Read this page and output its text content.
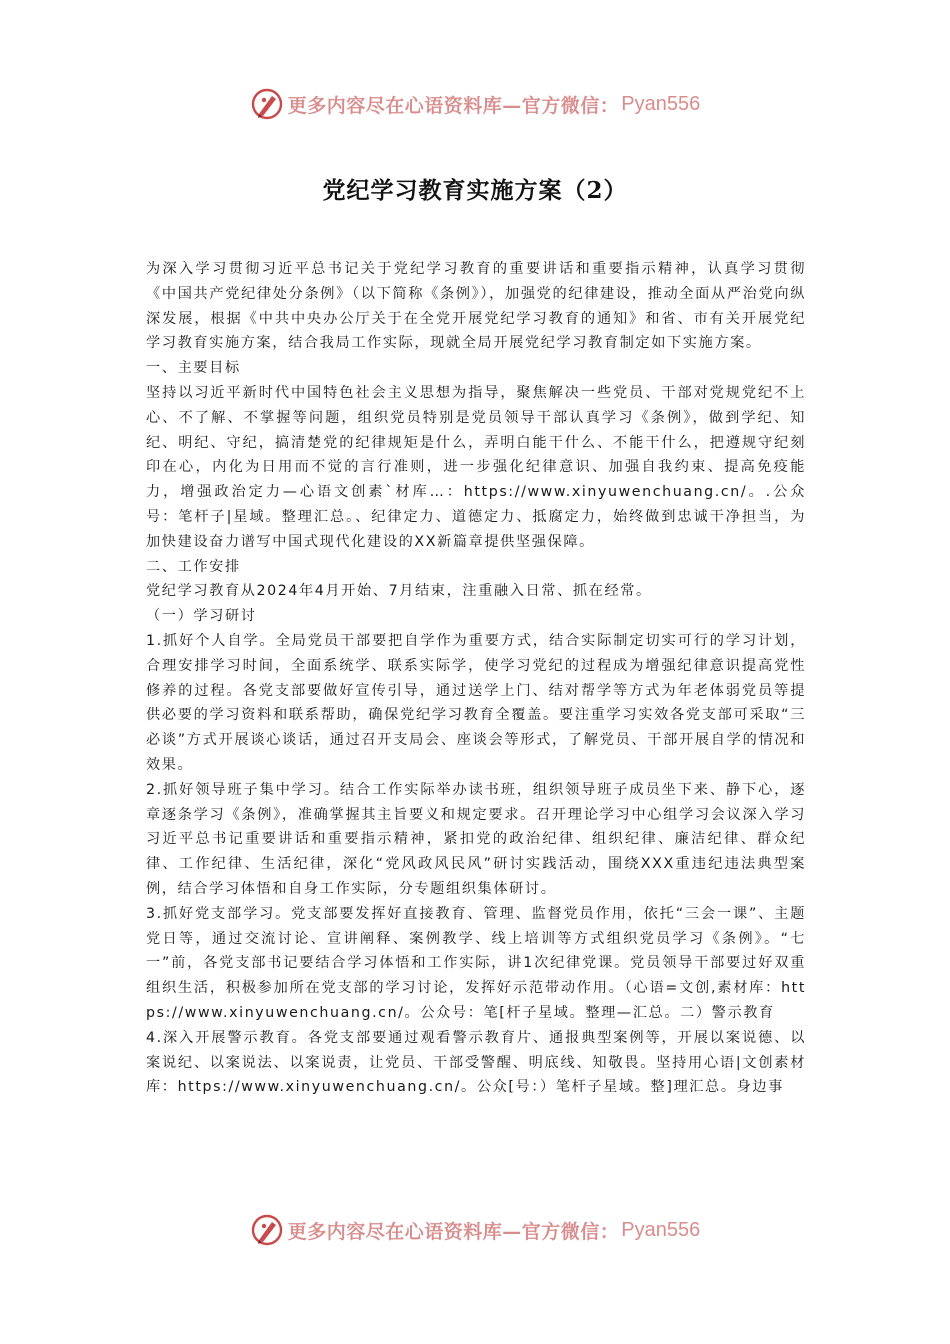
更多内容尽在心语资料库—官方微信： Pyan556
党纪学习教育实施方案（2）

为深入学习贯彻习近平总书记关于党纪学习教育的重要讲话和重要指示精神，认真学习贯彻《中国共产党纪律处分条例》（以下简称《条例》），加强党的纪律建设，推动全面从严治党向纵深发展，根据《中共中央办公厅关于在全党开展党纪学习教育的通知》和省、市有关开展党纪学习教育实施方案，结合我局工作实际，现就全局开展党纪学习教育制定如下实施方案。

一、主要目标

坚持以习近平新时代中国特色社会主义思想为指导，聚焦解决一些党员、干部对党规党纪不上心、不了解、不掌握等问题，组织党员特别是党员领导干部认真学习《条例》，做到学纪、知纪、明纪、守纪，搞清楚党的纪律规矩是什么，弄明白能干什么、不能干什么，把遵规守纪刻印在心，内化为日用而不觉的言行准则，进一步强化纪律意识、加强自我约束、提高免疫能力，增强政治定力—心语文创素`材库…：https://www.xinyuwenchuang.cn/。.公众号：笔杆子|星域。整理汇总。、纪律定力、道德定力、抵腐定力，始终做到忠诚干净担当，为加快建设奋力谱写中国式现代化建设的XX新篇章提供坚强保障。

二、工作安排

党纪学习教育从2024年4月开始、7月结束，注重融入日常、抓在经常。

（一）学习研讨

1.抓好个人自学。全局党员干部要把自学作为重要方式，结合实际制定切实可行的学习计划，合理安排学习时间，全面系统学、联系实际学，使学习党纪的过程成为增强纪律意识提高党性修养的过程。各党支部要做好宣传引导，通过送学上门、结对帮学等方式为年老体弱党员等提供必要的学习资料和联系帮助，确保党纪学习教育全覆盖。要注重学习实效各党支部可采取“三必谈”方式开展谈心谈话，通过召开支局会、座谈会等形式，了解党员、干部开展自学的情况和效果。

2.抓好领导班子集中学习。结合工作实际举办读书班，组织领导班子成员坐下来、静下心，逐章逐条学习《条例》，准确掌握其主旨要义和规定要求。召开理论学习中心组学习会议深入学习习近平总书记重要讲话和重要指示精神，紧扣党的政治纪律、组织纪律、廉洁纪律、群众纪律、工作纪律、生活纪律，深化“党风政风民风”研讨实践活动，围绕XXX重违纪违法典型案例，结合学习体悟和自身工作实际，分专题组织集体研讨。

3.抓好党支部学习。党支部要发挥好直接教育、管理、监督党员作用，依托“三会一课”、主题党日等，通过交流讨论、宣讲阐释、案例教学、线上培训等方式组织党员学习《条例》。“七一”前，各党支部书记要结合学习体悟和工作实际，讲1次纪律党课。党员领导干部要过好双重组织生活，积极参加所在党支部的学习讨论，发挥好示范带动作用。（心语=文创,素材库：https://www.xinyuwenchuang.cn/。公众号：笔[杆子星域。整理—汇总。二）警示教育

4.深入开展警示教育。各党支部要通过观看警示教育片、通报典型案例等，开展以案说德、以案说纪、以案说法、以案说责，让党员、干部受警醒、明底线、知敬畏。坚持用心语|文创素材库：https://www.xinyuwenchuang.cn/。公众[号：）笔杆子星域。整]理汇总。身边事

更多内容尽在心语资料库—官方微信： Pyan556
